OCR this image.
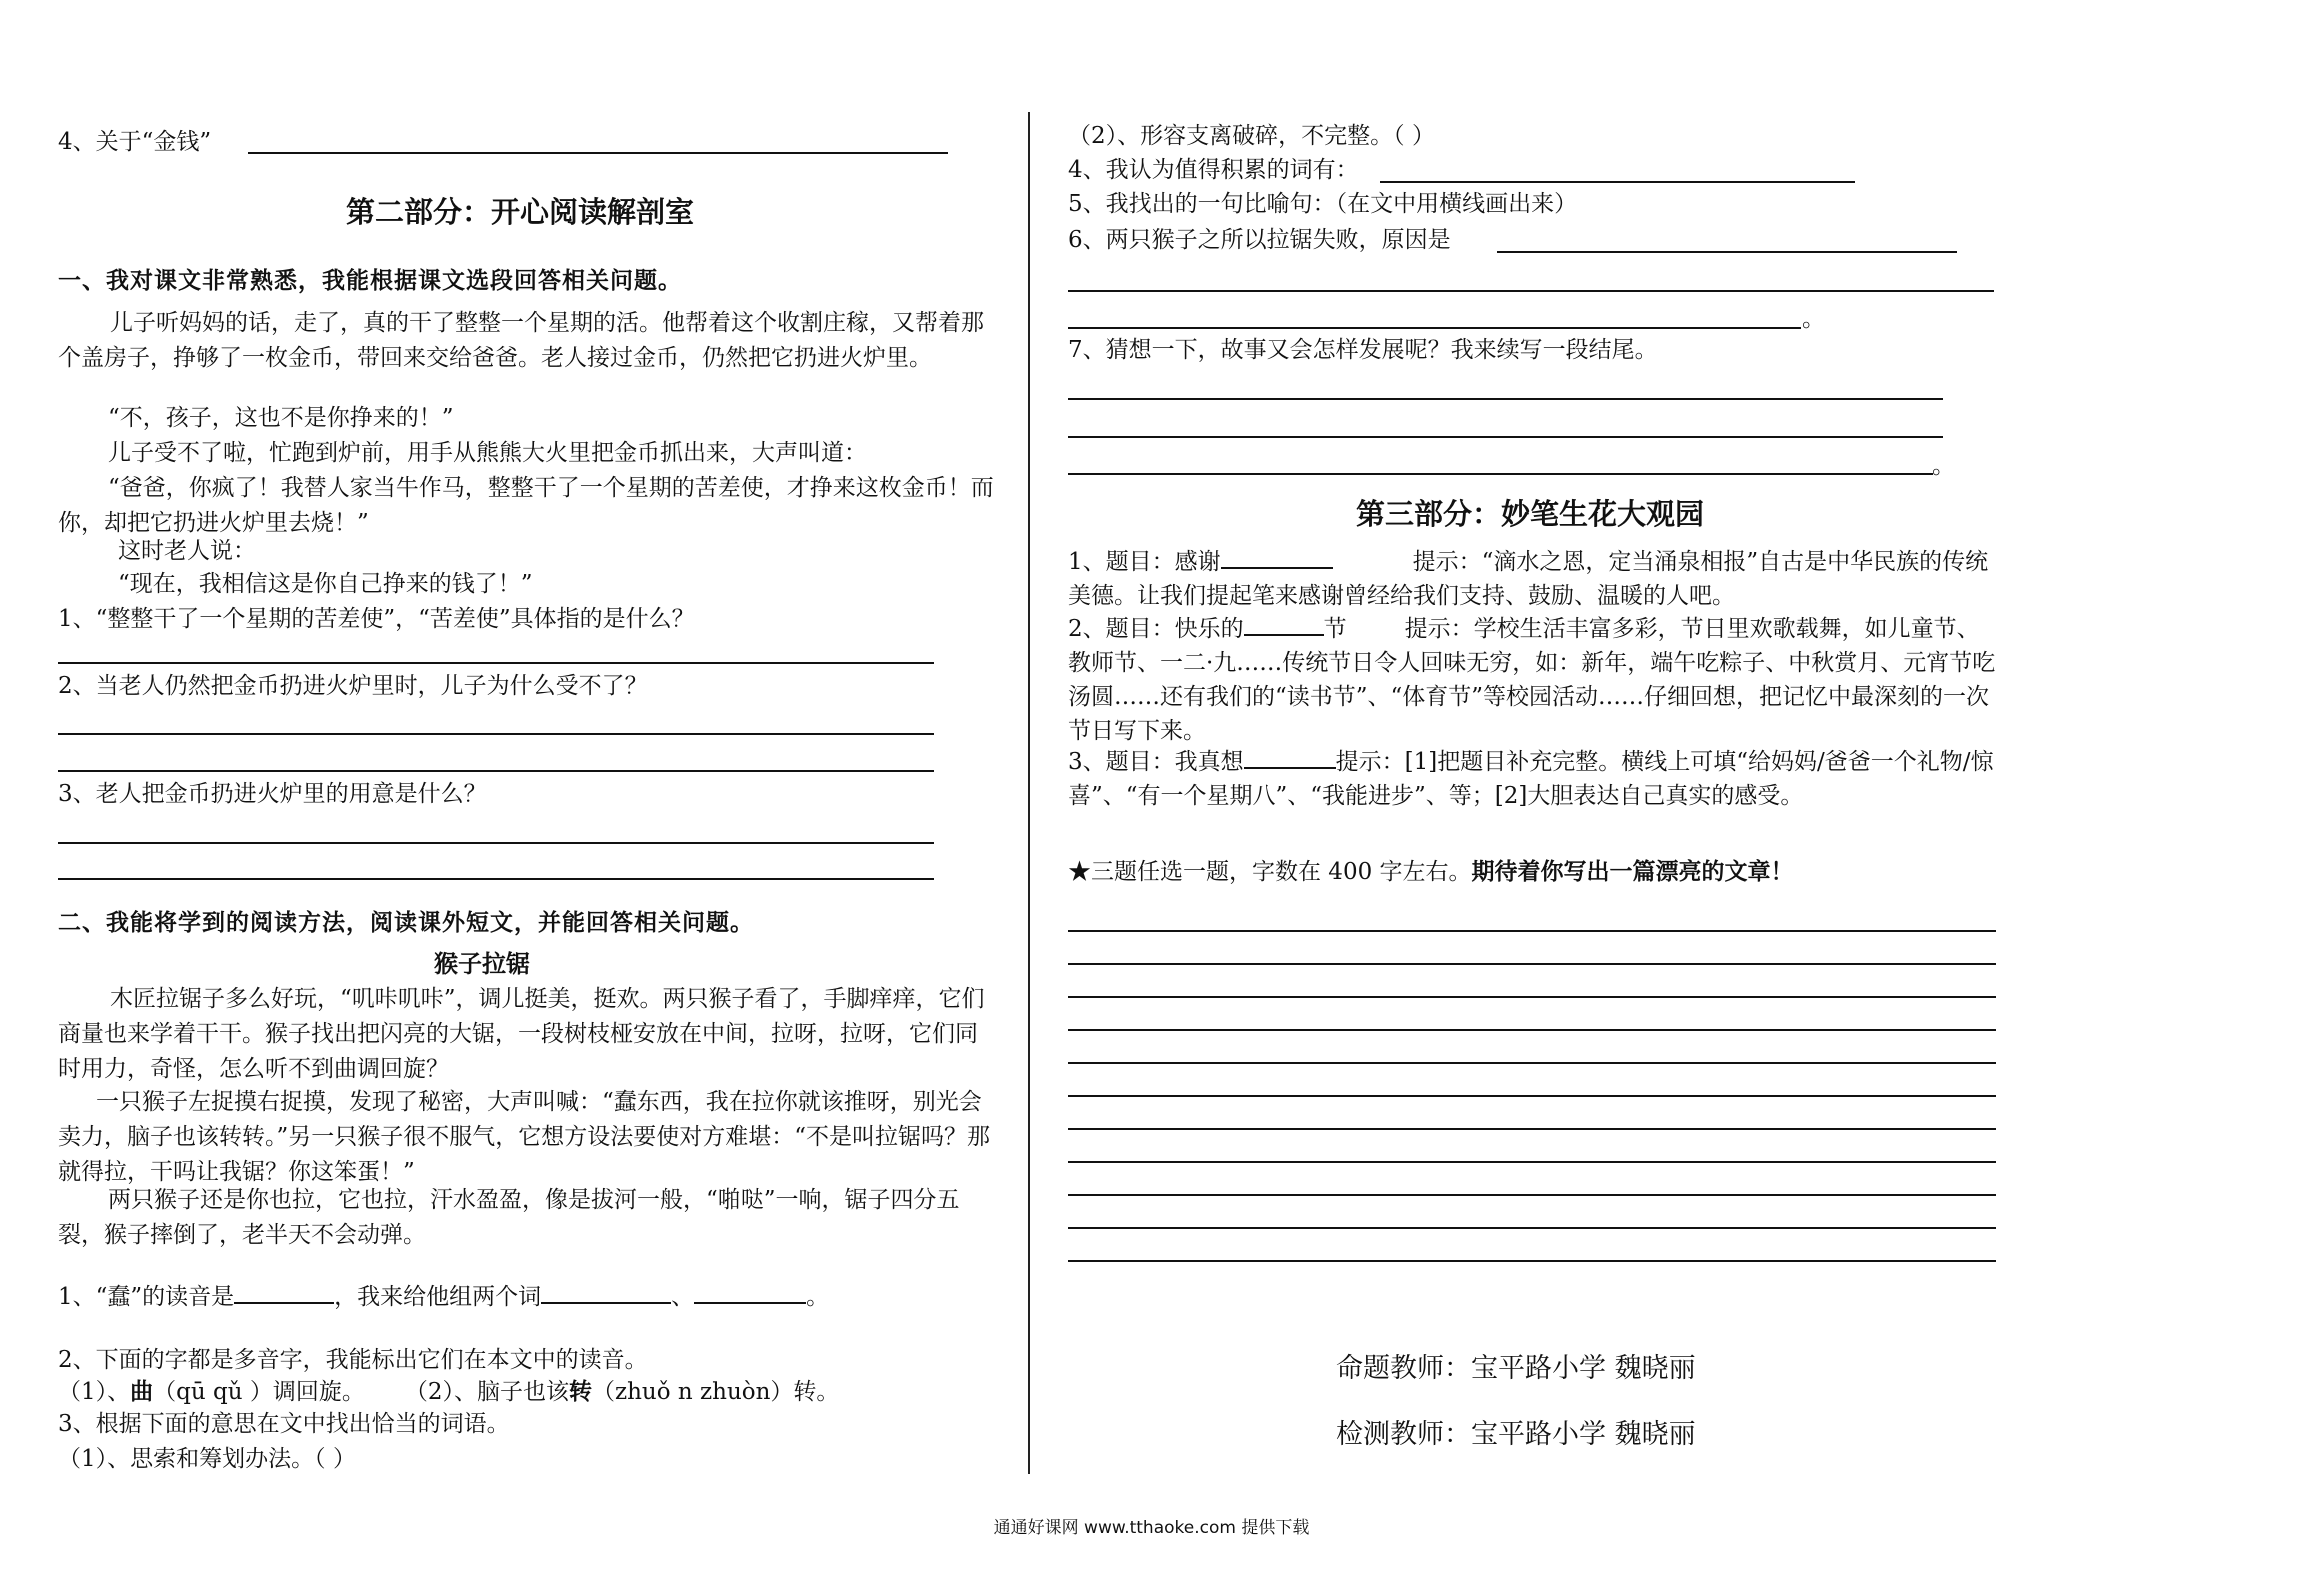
4、关于“金钱”
第二部分：开心阅读解剖室
一、我对课文非常熟悉，我能根据课文选段回答相关问题。
儿子听妈妈的话，走了，真的干了整整一个星期的活。他帮着这个收割庄稼，又帮着那个盖房子，挣够了一枚金币，带回来交给爸爸。老人接过金币，仍然把它扔进火炉里。
“不，孩子，这也不是你挣来的！”
儿子受不了啦，忙跑到炉前，用手从熊熊大火里把金币抓出来，大声叫道：
“爸爸，你疯了！我替人家当牛作马，整整干了一个星期的苦差使，才挣来这枚金币！而你，却把它扔进火炉里去烧！”
这时老人说：
“现在，我相信这是你自己挣来的钱了！”
1、“整整干了一个星期的苦差使”，“苦差使”具体指的是什么？
2、当老人仍然把金币扔进火炉里时，儿子为什么受不了？
3、老人把金币扔进火炉里的用意是什么？
二、我能将学到的阅读方法，阅读课外短文，并能回答相关问题。
猴子拉锯
木匠拉锯子多么好玩，“叽咔叽咔”，调儿挺美，挺欢。两只猴子看了，手脚痒痒，它们商量也来学着干干。猴子找出把闪亮的大锯，一段树枝桠安放在中间，拉呀，拉呀，它们同时用力，奇怪，怎么听不到曲调回旋？
一只猴子左捉摸右捉摸，发现了秘密，大声叫喊：“蠢东西，我在拉你就该推呀，别光会卖力，脑子也该转转。”另一只猴子很不服气，它想方设法要使对方难堪：“不是叫拉锯吗？那就得拉，干吗让我锯？你这笨蛋！”
两只猴子还是你也拉，它也拉，汗水盈盈，像是拔河一般，“啪哒”一响，锯子四分五裂，猴子摔倒了，老半天不会动弹。
1、“蠢”的读音是	，我来给他组两个词	、	。
2、下面的字都是多音字，我能标出它们在本文中的读音。
（1）、曲（qū qǔ ）调回旋。 （2）、脑子也该转（zhuǒ n zhuòn）转。
3、根据下面的意思在文中找出恰当的词语。
（1）、思索和筹划办法。（ ）
（2）、形容支离破碎，不完整。（ ）
4、我认为值得积累的词有：
5、我找出的一句比喻句：（在文中用横线画出来）
6、两只猴子之所以拉锯失败，原因是
。
7、猜想一下，故事又会怎样发展呢？我来续写一段结尾。
。
第三部分：妙笔生花大观园
1、题目：感谢	提示：“滴水之恩，定当涌泉相报”自古是中华民族的传统美德。让我们提起笔来感谢曾经给我们支持、鼓励、温暖的人吧。
2、题目：快乐的	节	提示：学校生活丰富多彩，节日里欢歌载舞，如儿童节、教师节、一二·九……传统节日令人回味无穷，如：新年，端午吃粽子、中秋赏月、元宵节吃汤圆……还有我们的“读书节”、“体育节”等校园活动……仔细回想，把记忆中最深刻的一次节日写下来。
3、题目：我真想	提示：[1]把题目补充完整。横线上可填“给妈妈/爸爸一个礼物/惊喜”、“有一个星期八”、“我能进步”、等；[2]大胆表达自己真实的感受。
★三题任选一题，字数在 400 字左右。期待着你写出一篇漂亮的文章！
命题教师：宝平路小学 魏晓丽
检测教师：宝平路小学 魏晓丽
通通好课网 www.tthaoke.com 提供下载
